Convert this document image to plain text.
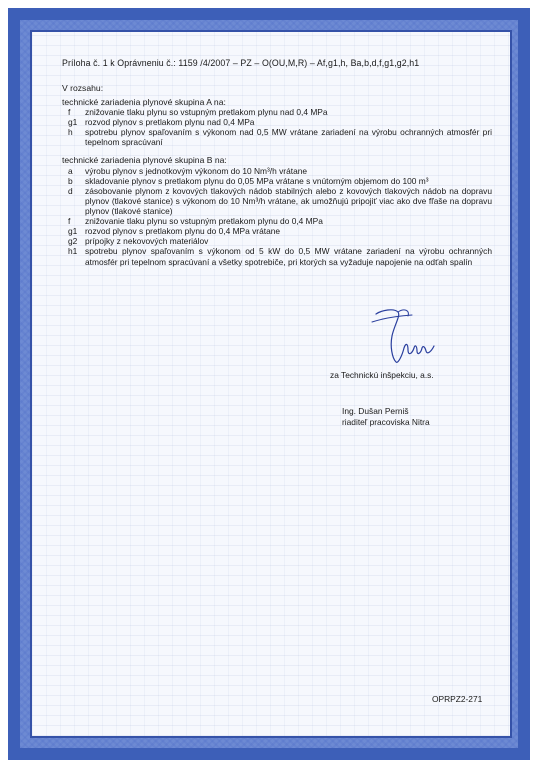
Príloha č. 1 k Oprávneniu č.: 1159 /4/2007 – PZ – O(OU,M,R) – Af,g1,h, Ba,b,d,f,g1,g2,h1
V rozsahu:
technické zariadenia plynové skupina A na:
f	znižovanie tlaku plynu so vstupným pretlakom plynu nad 0,4 MPa
g1 rozvod plynov s pretlakom plynu nad 0,4 MPa
h	spotrebu plynov spaľovaním s výkonom nad 0,5 MW vrátane zariadení na výrobu ochranných atmosfér pri tepelnom spracúvaní
technické zariadenia plynové skupina B na:
a	výrobu plynov s jednotkovým výkonom do 10 Nm³/h vrátane
b	skladovanie plynov s pretlakom plynu do 0,05 MPa vrátane s vnútorným objemom do 100 m³
d	zásobovanie plynom z kovových tlakových nádob stabilných alebo z kovových tlakových nádob na dopravu plynov (tlakové stanice) s výkonom do 10 Nm³/h vrátane, ak umožňujú pripojiť viac ako dve fľaše na dopravu plynov (tlakové stanice)
f	znižovanie tlaku plynu so vstupným pretlakom plynu do 0,4 MPa
g1 rozvod plynov s pretlakom plynu do 0,4 MPa vrátane
g2 prípojky z nekovových materiálov
h1 spotrebu plynov spaľovaním s výkonom od 5 kW do 0,5 MW vrátane zariadení na výrobu ochranných atmosfér pri tepelnom spracúvaní a všetky spotrebiče, pri ktorých sa vyžaduje napojenie na odťah spalín
za Technickú inšpekciu, a.s.
Ing. Dušan Perniš
riaditeľ pracoviska Nitra
OPRPZ2-271
